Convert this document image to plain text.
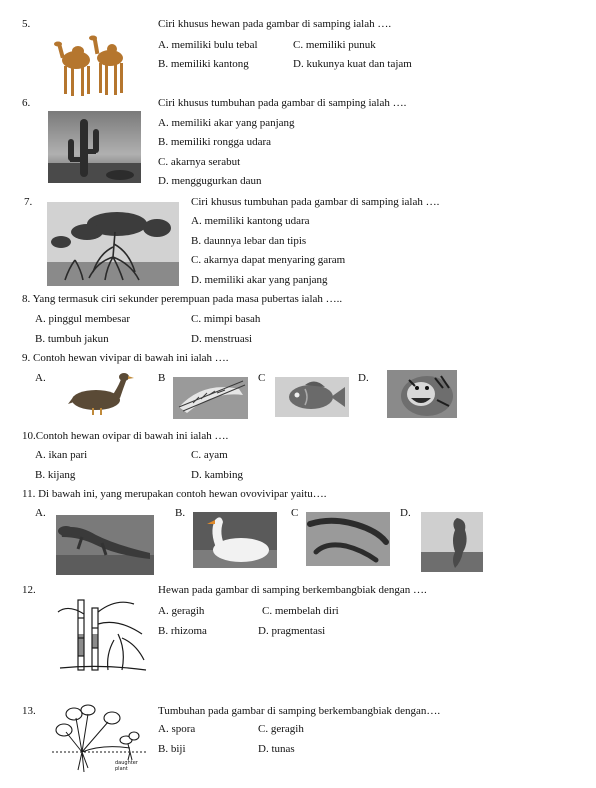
5.	Ciri khusus hewan pada gambar di samping ialah ….
A. memiliki bulu tebal
B. memiliki kantong
C. memiliki punuk
D. kukunya kuat dan tajam
6.	Ciri khusus tumbuhan pada gambar di samping ialah ….
A. memiliki akar yang panjang
B. memiliki rongga udara
C. akarnya serabut
D. menggugurkan daun
7.	Ciri khusus tumbuhan pada gambar di samping ialah ….
A. memiliki kantong udara
B. daunnya lebar dan tipis
C. akarnya dapat menyaring garam
D. memiliki akar yang panjang
8. Yang termasuk ciri sekunder perempuan pada masa pubertas ialah …..
A. pinggul membesar
B. tumbuh jakun
C. mimpi basah
D. menstruasi
9. Contoh hewan vivipar di bawah ini ialah ….
A.	B	C	D.
10.Contoh hewan ovipar di bawah ini ialah ….
A. ikan pari
B. kijang
C. ayam
D. kambing
11. Di bawah ini, yang merupakan contoh hewan ovovivipar yaitu….
A.	B.	C	D.
12.	Hewan pada gambar di samping berkembangbiak dengan ….
A. geragih
B. rhizoma
C. membelah diri
D. pragmentasi
13.	Tumbuhan pada gambar di samping berkembangbiak dengan….
A. spora
B. biji
C. geragih
D. tunas
daughter plant
